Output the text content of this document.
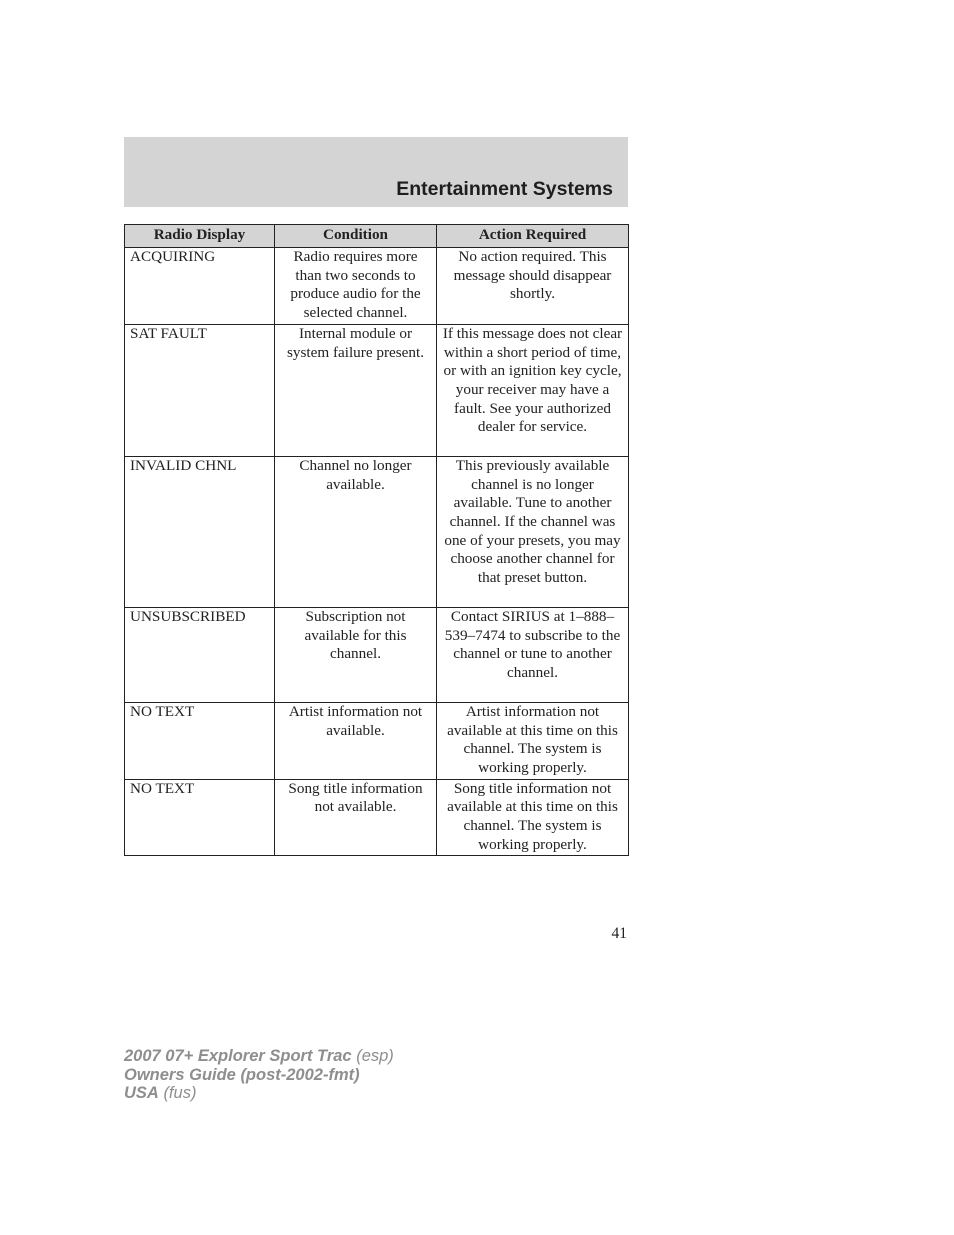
Entertainment Systems
Radio Display	Condition	Action Required
ACQUIRING	Radio requires more than two seconds to produce audio for the selected channel.	No action required. This message should disappear shortly.
SAT FAULT	Internal module or system failure present.	If this message does not clear within a short period of time, or with an ignition key cycle, your receiver may have a fault. See your authorized dealer for service.
INVALID CHNL	Channel no longer available.	This previously available channel is no longer available. Tune to another channel. If the channel was one of your presets, you may choose another channel for that preset button.
UNSUBSCRIBED	Subscription not available for this channel.	Contact SIRIUS at 1–888–539–7474 to subscribe to the channel or tune to another channel.
NO TEXT	Artist information not available.	Artist information not available at this time on this channel. The system is working properly.
NO TEXT	Song title information not available.	Song title information not available at this time on this channel. The system is working properly.
41
2007 07+ Explorer Sport Trac (esp)
Owners Guide (post-2002-fmt)
USA (fus)
